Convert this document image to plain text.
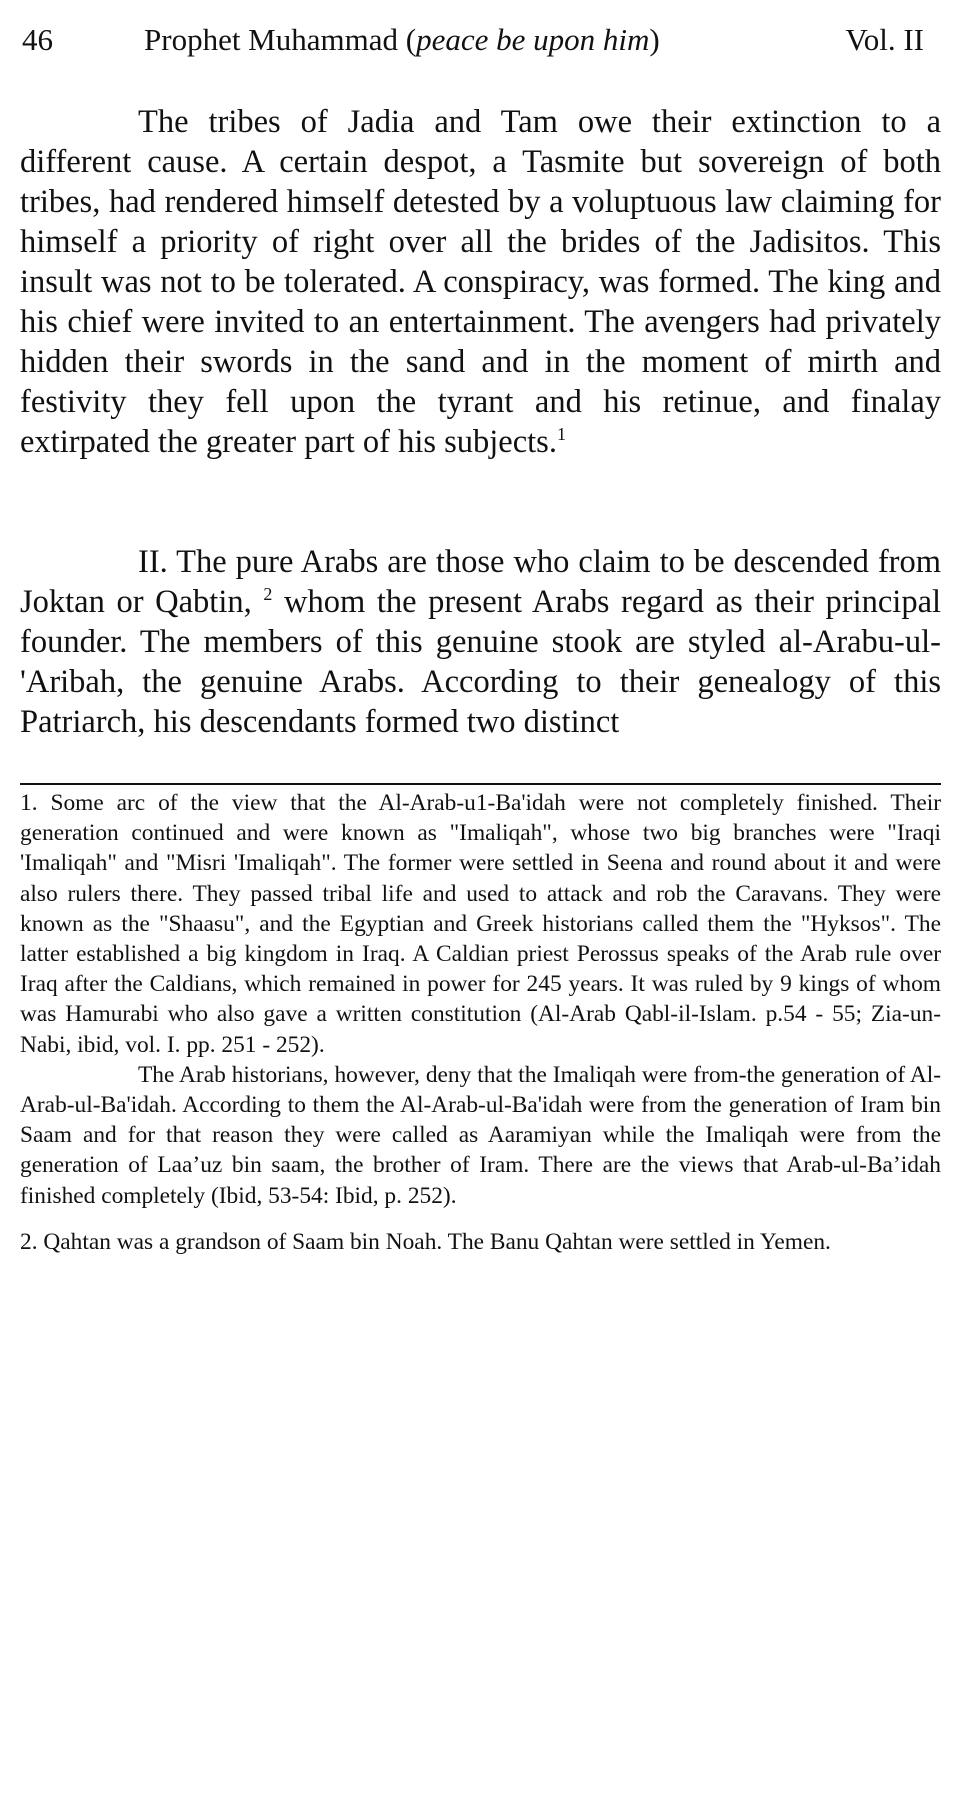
46	Prophet Muhammad (peace be upon him)	Vol. II

The tribes of Jadia and Tam owe their extinction to a different cause. A certain despot, a Tasmite but sovereign of both tribes, had rendered himself detested by a voluptuous law claiming for himself a priority of right over all the brides of the Jadisitos. This insult was not to be tolerated. A conspiracy, was formed. The king and his chief were invited to an entertainment. The avengers had privately hidden their swords in the sand and in the moment of mirth and festivity they fell upon the tyrant and his retinue, and finalay extirpated the greater part of his subjects.$^1$

II. The pure Arabs are those who claim to be descended from Joktan or Qabtin, $^2$ whom the present Arabs regard as their principal founder. The members of this genuine stook are styled al-Arabu-ul-'Aribah, the genuine Arabs. According to their genealogy of this Patriarch, his descendants formed two distinct

1. Some arc of the view that the Al-Arab-u1-Ba'idah were not completely finished. Their generation continued and were known as "Imaliqah", whose two big branches were "Iraqi 'Imaliqah" and "Misri 'Imaliqah". The former were settled in Seena and round about it and were also rulers there. They passed tribal life and used to attack and rob the Caravans. They were known as the "Shaasu", and the Egyptian and Greek historians called them the "Hyksos". The latter established a big kingdom in Iraq. A Caldian priest Perossus speaks of the Arab rule over Iraq after the Caldians, which remained in power for 245 years. It was ruled by 9 kings of whom was Hamurabi who also gave a written constitution (Al-Arab Qabl-il-Islam. p.54 - 55; Zia-un-Nabi, ibid, vol. I. pp. 251 - 252).

The Arab historians, however, deny that the Imaliqah were from-the generation of Al-Arab-ul-Ba'idah. According to them the Al-Arab-ul-Ba'idah were from the generation of Iram bin Saam and for that reason they were called as Aaramiyan while the Imaliqah were from the generation of Laa’uz bin saam, the brother of Iram. There are the views that Arab-ul-Ba’idah finished completely (Ibid, 53-54: Ibid, p. 252).

2. Qahtan was a grandson of Saam bin Noah. The Banu Qahtan were settled in Yemen.
